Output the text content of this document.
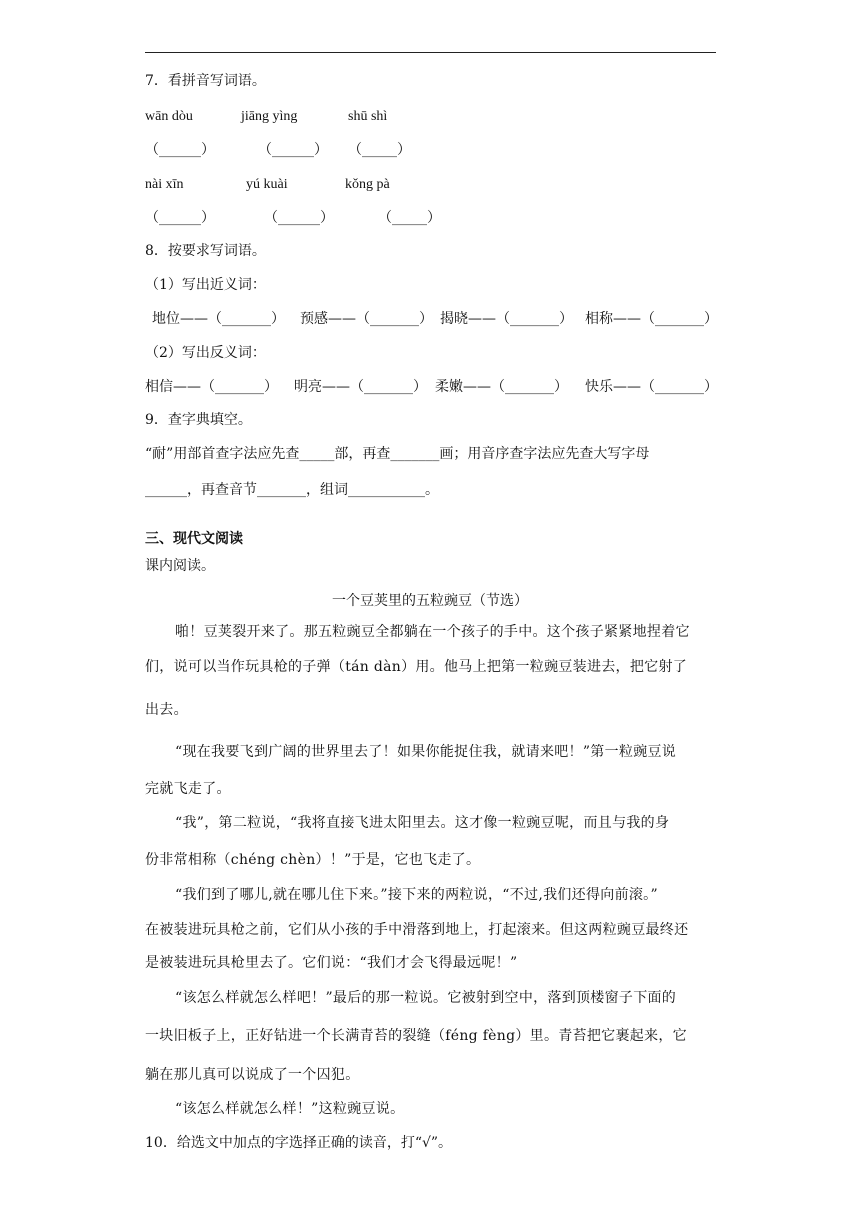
7．看拼音写词语。
wān dòu	jiāng yìng	shū shì
（______）	（______） （_____）
nài xīn	yú kuài	kǒng pà
（______）	（______）	（_____）
8．按要求写词语。
（1）写出近义词：
地位——（_______） 预感——（_______） 揭晓——（_______） 相称——（_______）
（2）写出反义词：
相信——（_______） 明亮——（_______） 柔嫩——（_______） 快乐——（_______）
9．查字典填空。
“耐”用部首查字法应先查_____部，再查_______画；用音序查字法应先查大写字母
______，再查音节_______，组词___________。
三、现代文阅读
课内阅读。
一个豆荚里的五粒豌豆（节选）
啪！豆荚裂开来了。那五粒豌豆全都躺在一个孩子的手中。这个孩子紧紧地捏着它
们，说可以当作玩具枪的子弹（tán dàn）用。他马上把第一粒豌豆装进去，把它射了
出去。
“现在我要飞到广阔的世界里去了！如果你能捉住我，就请来吧！”第一粒豌豆说
完就飞走了。
“我”，第二粒说，“我将直接飞进太阳里去。这才像一粒豌豆呢，而且与我的身
份非常相称（chéng chèn）！”于是，它也飞走了。
“我们到了哪儿,就在哪儿住下来。”接下来的两粒说，“不过,我们还得向前滚。”
在被装进玩具枪之前，它们从小孩的手中滑落到地上，打起滚来。但这两粒豌豆最终还
是被装进玩具枪里去了。它们说：“我们才会飞得最远呢！”
“该怎么样就怎么样吧！”最后的那一粒说。它被射到空中，落到顶楼窗子下面的
一块旧板子上，正好钻进一个长满青苔的裂缝（féng fèng）里。青苔把它裹起来，它
躺在那儿真可以说成了一个囚犯。
“该怎么样就怎么样！”这粒豌豆说。
10．给选文中加点的字选择正确的读音，打“√”。
